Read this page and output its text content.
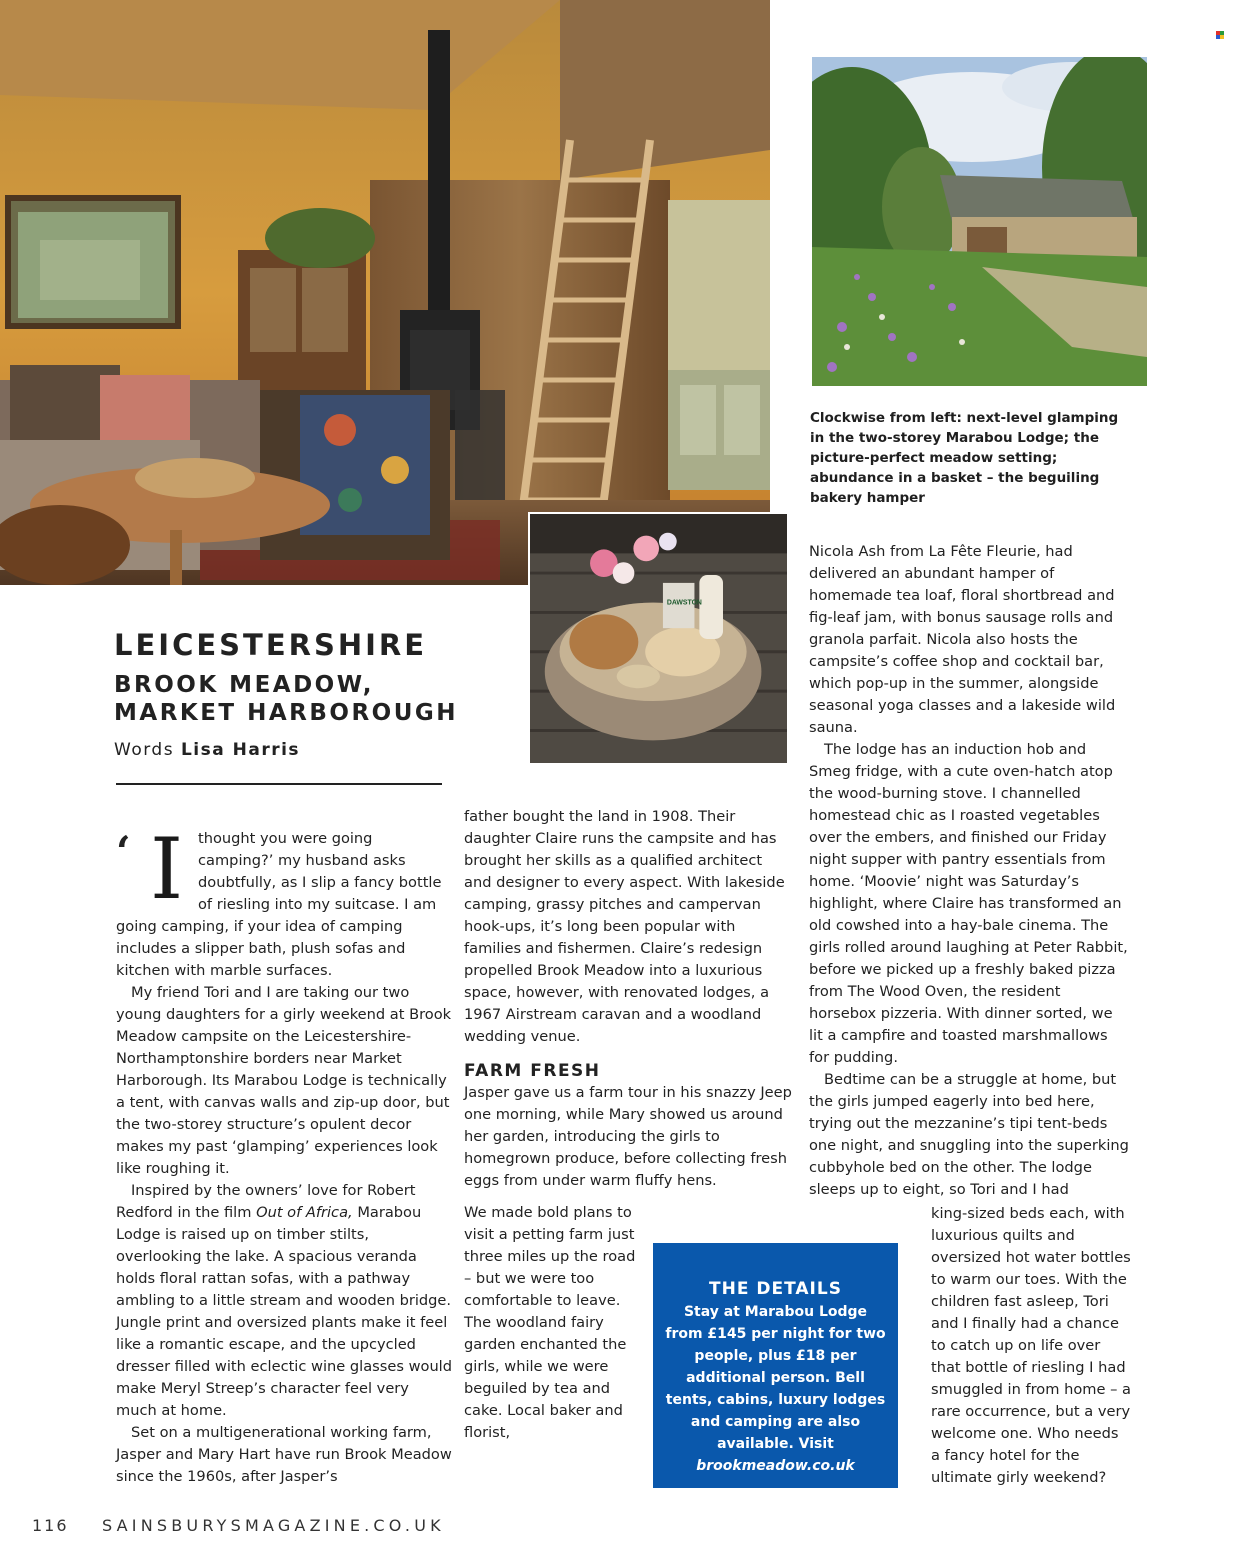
DAWSTON
Clockwise from left: next-level glamping in the two-storey Marabou Lodge; the picture-perfect meadow setting; abundance in a basket – the beguiling bakery hamper
LEICESTERSHIRE
BROOK MEADOW,
MARKET HARBOROUGH
Words Lisa Harris
‘ I	thought you were going camping?’ my husband asks doubtfully, as I slip a fancy bottle of riesling into my suitcase. I am going camping, if your idea of camping includes a slipper bath, plush sofas and kitchen with marble surfaces.

My friend Tori and I are taking our two young daughters for a girly weekend at Brook Meadow campsite on the Leicestershire-Northamptonshire borders near Market Harborough. Its Marabou Lodge is technically a tent, with canvas walls and zip-up door, but the two-storey structure’s opulent decor makes my past ‘glamping’ experiences look like roughing it.

Inspired by the owners’ love for Robert Redford in the film Out of Africa, Marabou Lodge is raised up on timber stilts, overlooking the lake. A spacious veranda holds floral rattan sofas, with a pathway ambling to a little stream and wooden bridge. Jungle print and oversized plants make it feel like a romantic escape, and the upcycled dresser filled with eclectic wine glasses would make Meryl Streep’s character feel very much at home.

Set on a multigenerational working farm, Jasper and Mary Hart have run Brook Meadow since the 1960s, after Jasper’s

father bought the land in 1908. Their daughter Claire runs the campsite and has brought her skills as a qualified architect and designer to every aspect. With lakeside camping, grassy pitches and campervan hook-ups, it’s long been popular with families and fishermen. Claire’s redesign propelled Brook Meadow into a luxurious space, however, with renovated lodges, a 1967 Airstream caravan and a woodland wedding venue.

FARM FRESH

Jasper gave us a farm tour in his snazzy Jeep one morning, while Mary showed us around her garden, introducing the girls to homegrown produce, before collecting fresh eggs from under warm fluffy hens.

We made bold plans to visit a petting farm just three miles up the road – but we were too comfortable to leave. The woodland fairy garden enchanted the girls, while we were beguiled by tea and cake. Local baker and florist,

Nicola Ash from La Fête Fleurie, had delivered an abundant hamper of homemade tea loaf, floral shortbread and fig-leaf jam, with bonus sausage rolls and granola parfait. Nicola also hosts the campsite’s coffee shop and cocktail bar, which pop-up in the summer, alongside seasonal yoga classes and a lakeside wild sauna.

The lodge has an induction hob and Smeg fridge, with a cute oven-hatch atop the wood-burning stove. I channelled homestead chic as I roasted vegetables over the embers, and finished our Friday night supper with pantry essentials from home. ‘Moovie’ night was Saturday’s highlight, where Claire has transformed an old cowshed into a hay-bale cinema. The girls rolled around laughing at Peter Rabbit, before we picked up a freshly baked pizza from The Wood Oven, the resident horsebox pizzeria. With dinner sorted, we lit a campfire and toasted marshmallows for pudding.

Bedtime can be a struggle at home, but the girls jumped eagerly into bed here, trying out the mezzanine’s tipi tent-beds one night, and snuggling into the superking cubbyhole bed on the other. The lodge sleeps up to eight, so Tori and I had

king-sized beds each, with luxurious quilts and oversized hot water bottles to warm our toes. With the children fast asleep, Tori and I finally had a chance to catch up on life over that bottle of riesling I had smuggled in from home – a rare occurrence, but a very welcome one. Who needs a fancy hotel for the ultimate girly weekend?

THE DETAILS

Stay at Marabou Lodge from £145 per night for two people, plus £18 per additional person. Bell tents, cabins, luxury lodges and camping are also available. Visit brookmeadow.co.uk

116 SAINSBURYSMAGAZINE.CO.UK
